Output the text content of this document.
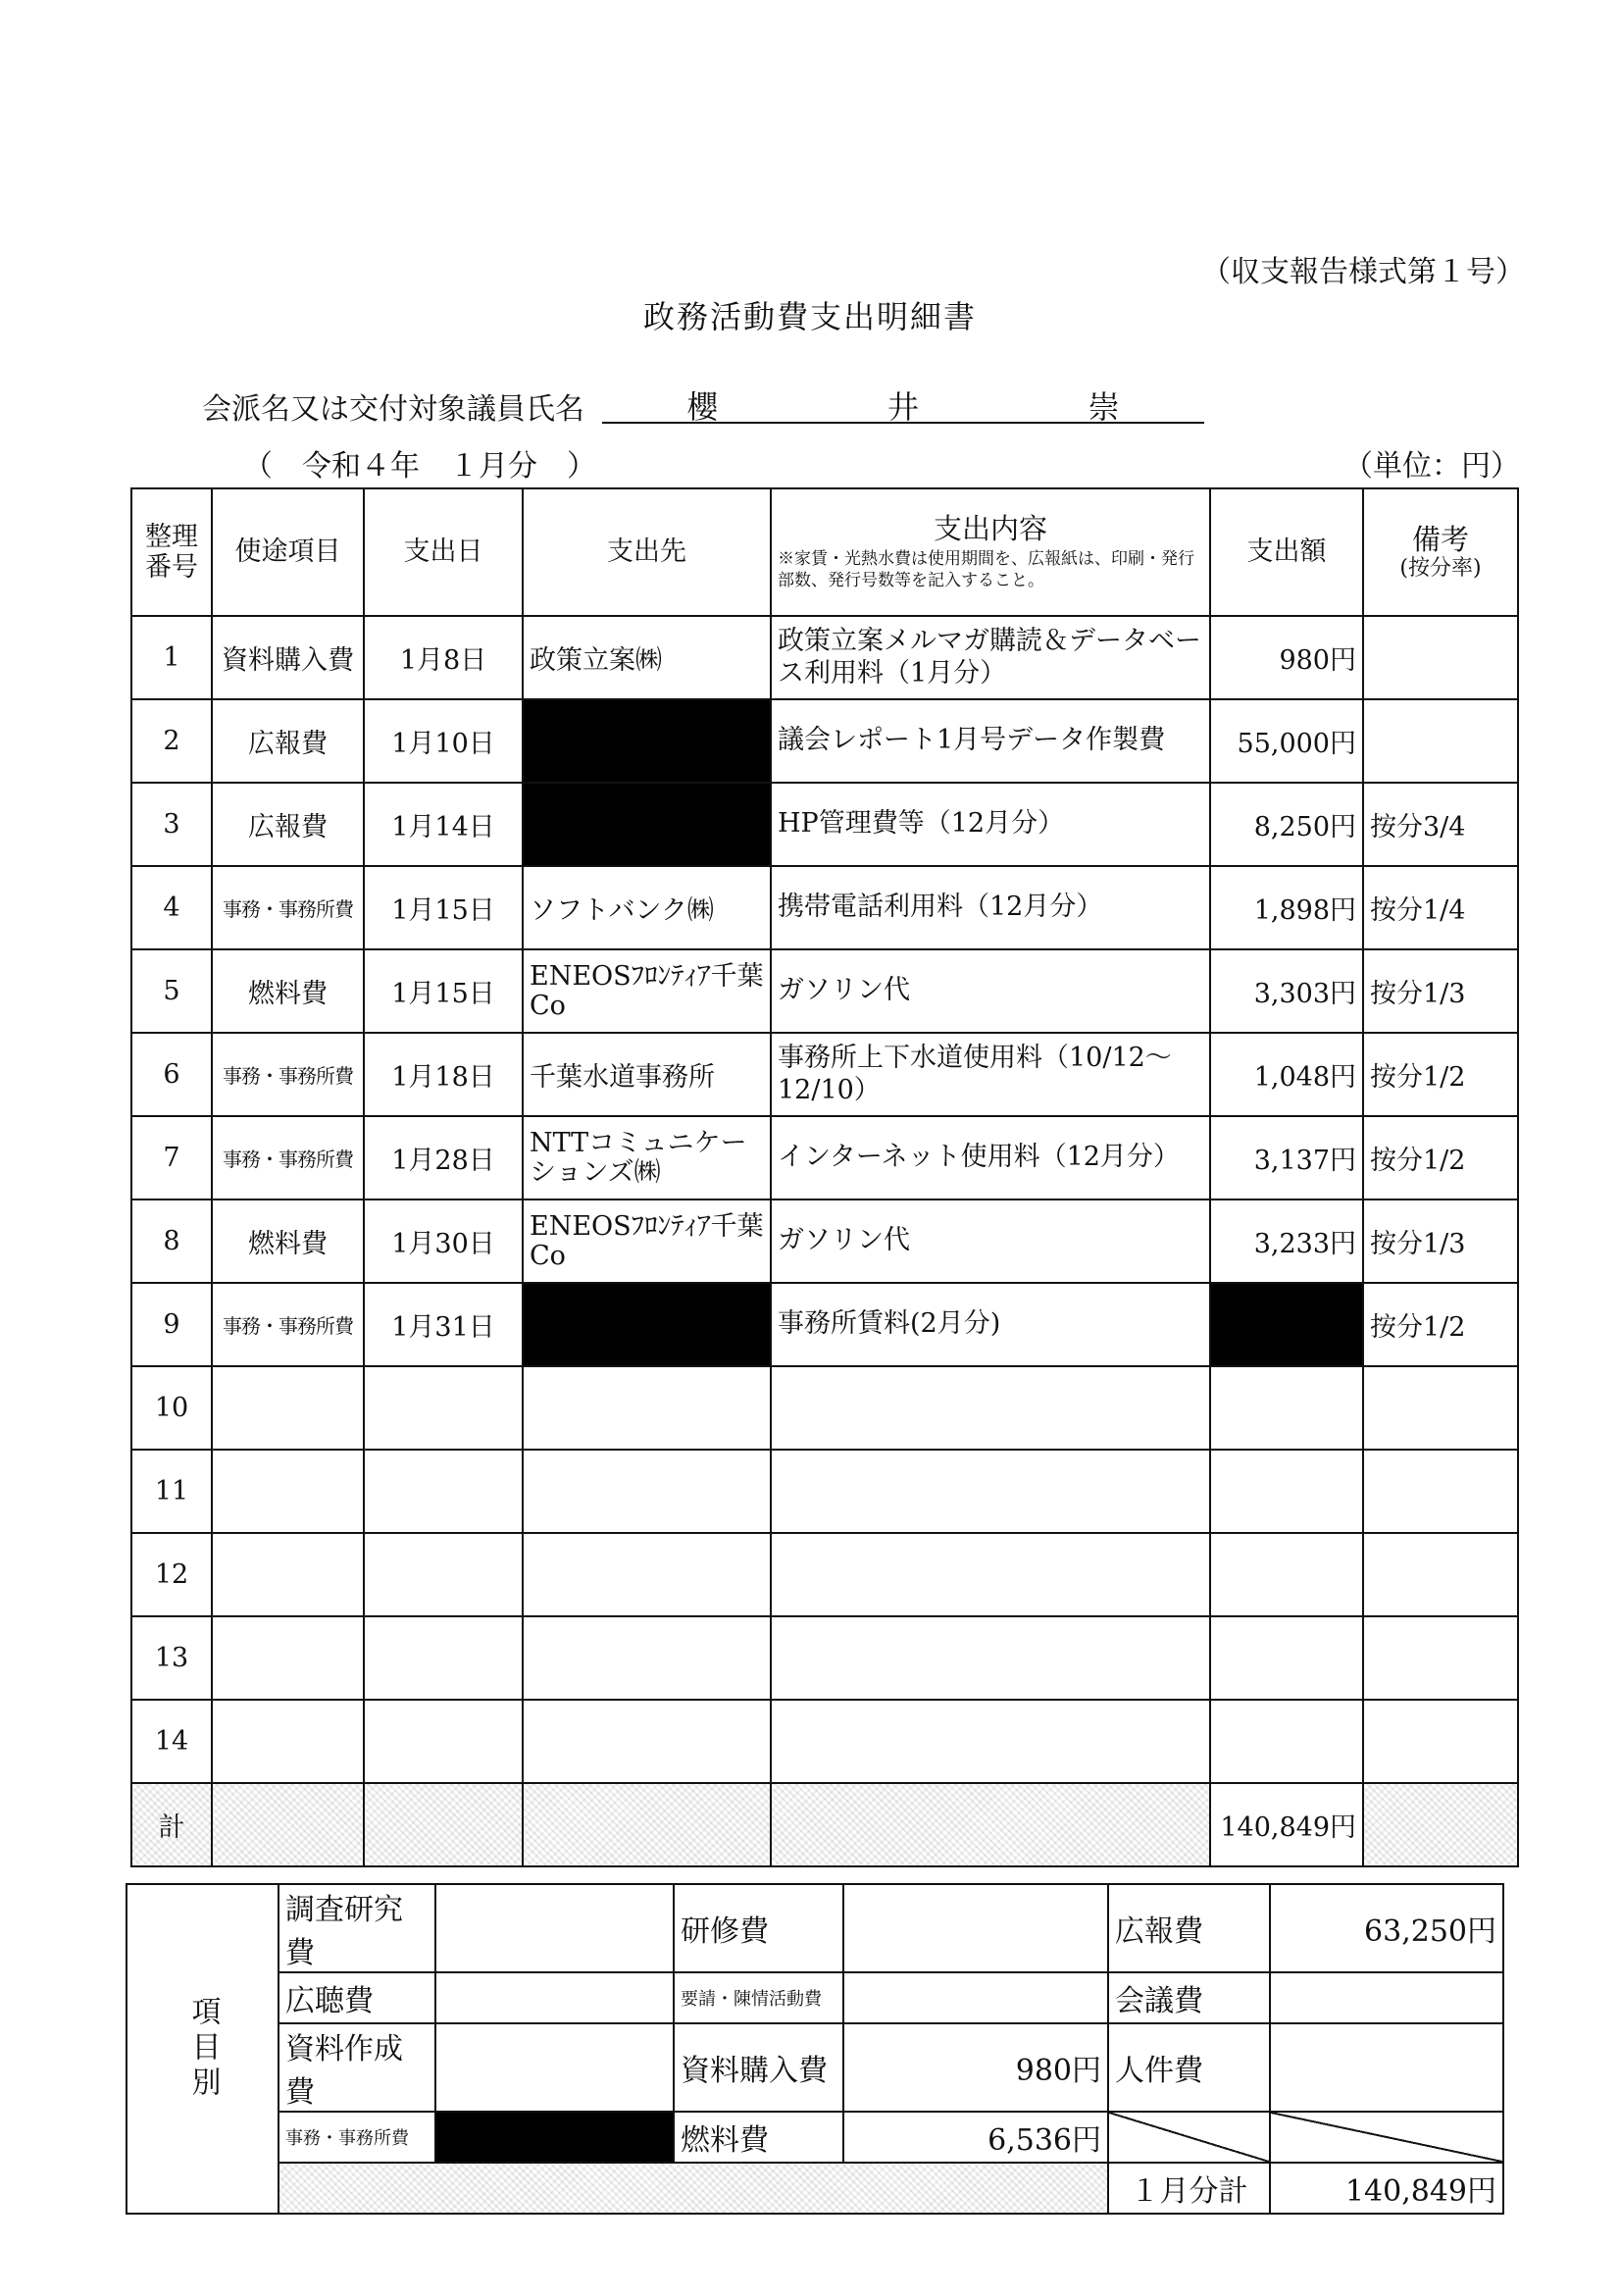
（収支報告様式第１号）
政務活動費支出明細書
会派名又は交付対象議員氏名	櫻	井	崇
（　令和４年　１月分　）	（単位：円）
整理番号	使途項目	支出日	支出先	支出内容
※家賃・光熱水費は使用期間を、広報紙は、印刷・発行部数、発行号数等を記入すること。	支出額	備考
(按分率)

1	資料購入費	1月8日	政策立案㈱	政策立案メルマガ購読＆データベース利用料（1月分）	980円	
2	広報費	1月10日		議会レポート1月号データ作製費	55,000円	
3	広報費	1月14日		HP管理費等（12月分）	8,250円	按分3/4
4	事務・事務所費	1月15日	ソフトバンク㈱	携帯電話利用料（12月分）	1,898円	按分1/4
5	燃料費	1月15日	ENEOSﾌﾛﾝﾃｨｱ千葉Co	ガソリン代	3,303円	按分1/3
6	事務・事務所費	1月18日	千葉水道事務所	事務所上下水道使用料（10/12～12/10）	1,048円	按分1/2
7	事務・事務所費	1月28日	NTTコミュニケーションズ㈱	インターネット使用料（12月分）	3,137円	按分1/2
8	燃料費	1月30日	ENEOSﾌﾛﾝﾃｨｱ千葉Co	ガソリン代	3,233円	按分1/3
9	事務・事務所費	1月31日		事務所賃料(2月分)		按分1/2
10						
11						
12						
13						
14						
計					140,849円	
項目別	調査研究費		研修費		広報費	63,250円
	広聴費		要請・陳情活動費		会議費	
	資料作成費		資料購入費	980円	人件費	
	事務・事務所費		燃料費	6,536円		
					１月分計	140,849円
